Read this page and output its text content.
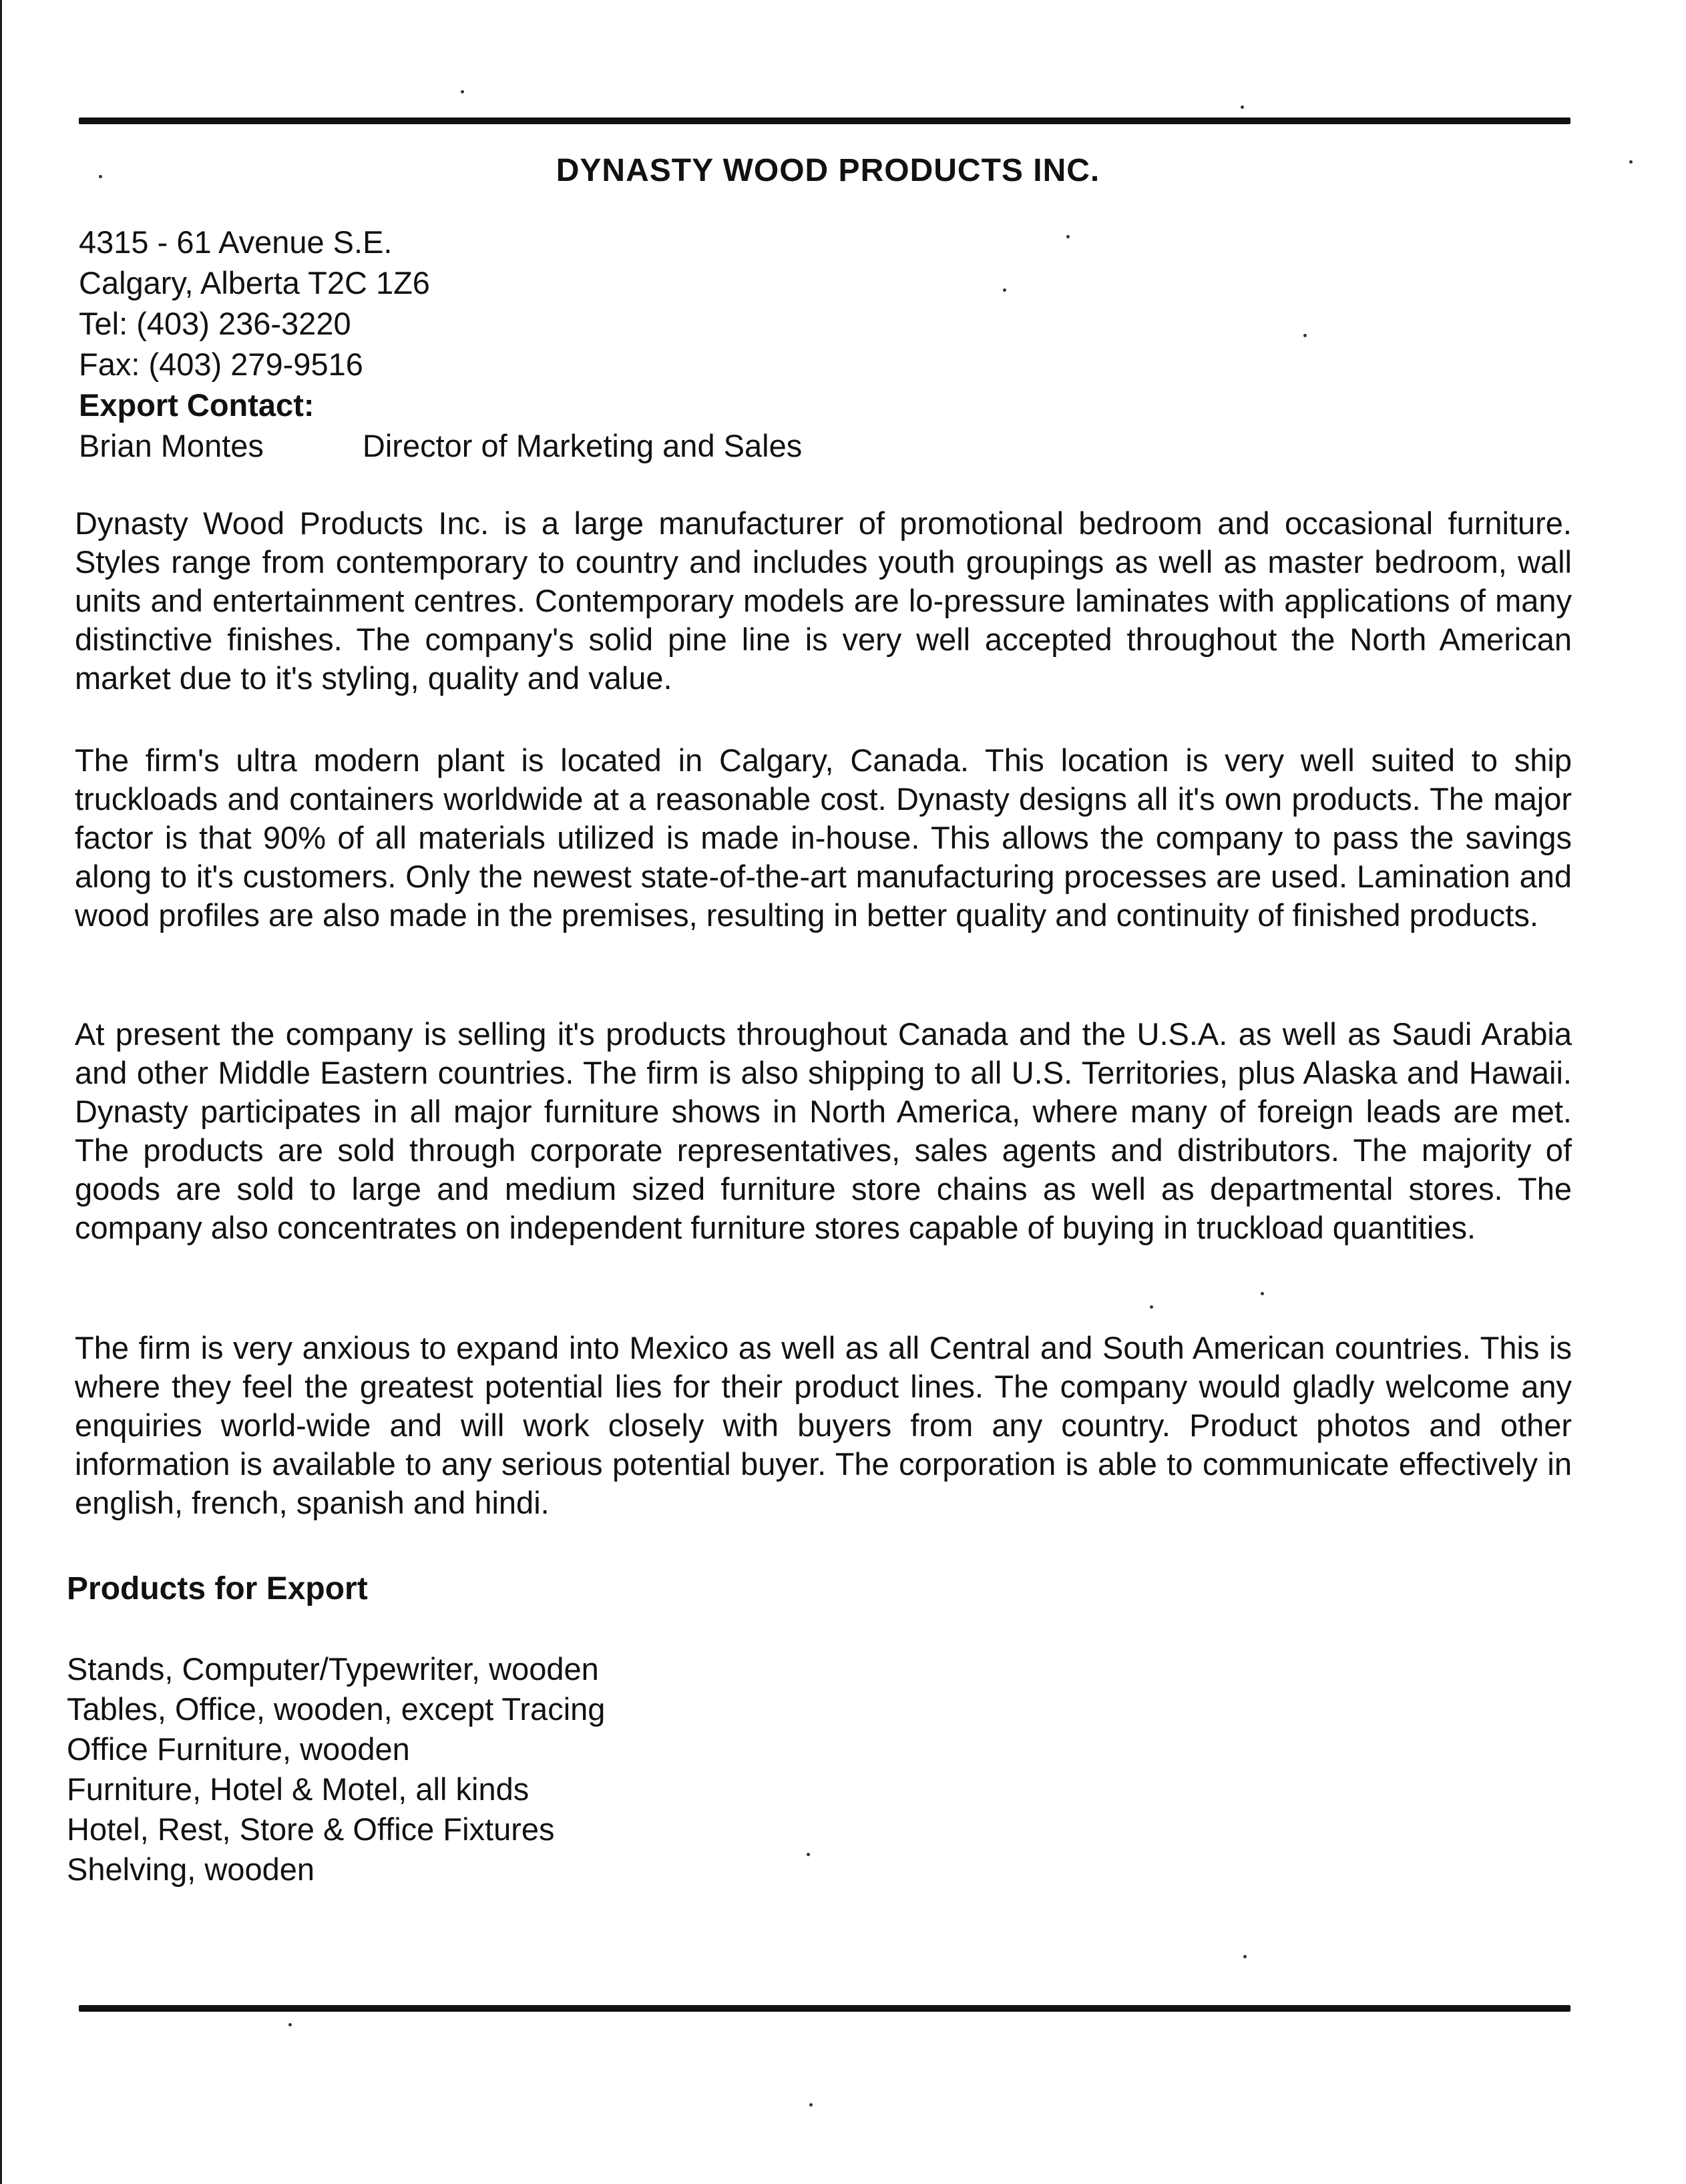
DYNASTY WOOD PRODUCTS INC.
4315 - 61 Avenue S.E.
Calgary, Alberta T2C 1Z6
Tel: (403) 236-3220
Fax: (403) 279-9516
Export Contact:
Brian Montes	Director of Marketing and Sales
Dynasty Wood Products Inc. is a large manufacturer of promotional bedroom and occasional furniture. Styles range from contemporary to country and includes youth groupings as well as master bedroom, wall units and entertainment centres. Contemporary models are lo-pressure laminates with applications of many distinctive finishes. The company's solid pine line is very well accepted throughout the North American market due to it's styling, quality and value.
The firm's ultra modern plant is located in Calgary, Canada. This location is very well suited to ship truckloads and containers worldwide at a reasonable cost. Dynasty designs all it's own products. The major factor is that 90% of all materials utilized is made in-house. This allows the company to pass the savings along to it's customers. Only the newest state-of-the-art manufacturing processes are used. Lamination and wood profiles are also made in the premises, resulting in better quality and continuity of finished products.
At present the company is selling it's products throughout Canada and the U.S.A. as well as Saudi Arabia and other Middle Eastern countries. The firm is also shipping to all U.S. Territories, plus Alaska and Hawaii. Dynasty participates in all major furniture shows in North America, where many of foreign leads are met. The products are sold through corporate representatives, sales agents and distributors. The majority of goods are sold to large and medium sized furniture store chains as well as departmental stores. The company also concentrates on independent furniture stores capable of buying in truckload quantities.
The firm is very anxious to expand into Mexico as well as all Central and South American countries. This is where they feel the greatest potential lies for their product lines. The company would gladly welcome any enquiries world-wide and will work closely with buyers from any country. Product photos and other information is available to any serious potential buyer. The corporation is able to communicate effectively in english, french, spanish and hindi.
Products for Export
Stands, Computer/Typewriter, wooden
Tables, Office, wooden, except Tracing
Office Furniture, wooden
Furniture, Hotel & Motel, all kinds
Hotel, Rest, Store & Office Fixtures
Shelving, wooden
